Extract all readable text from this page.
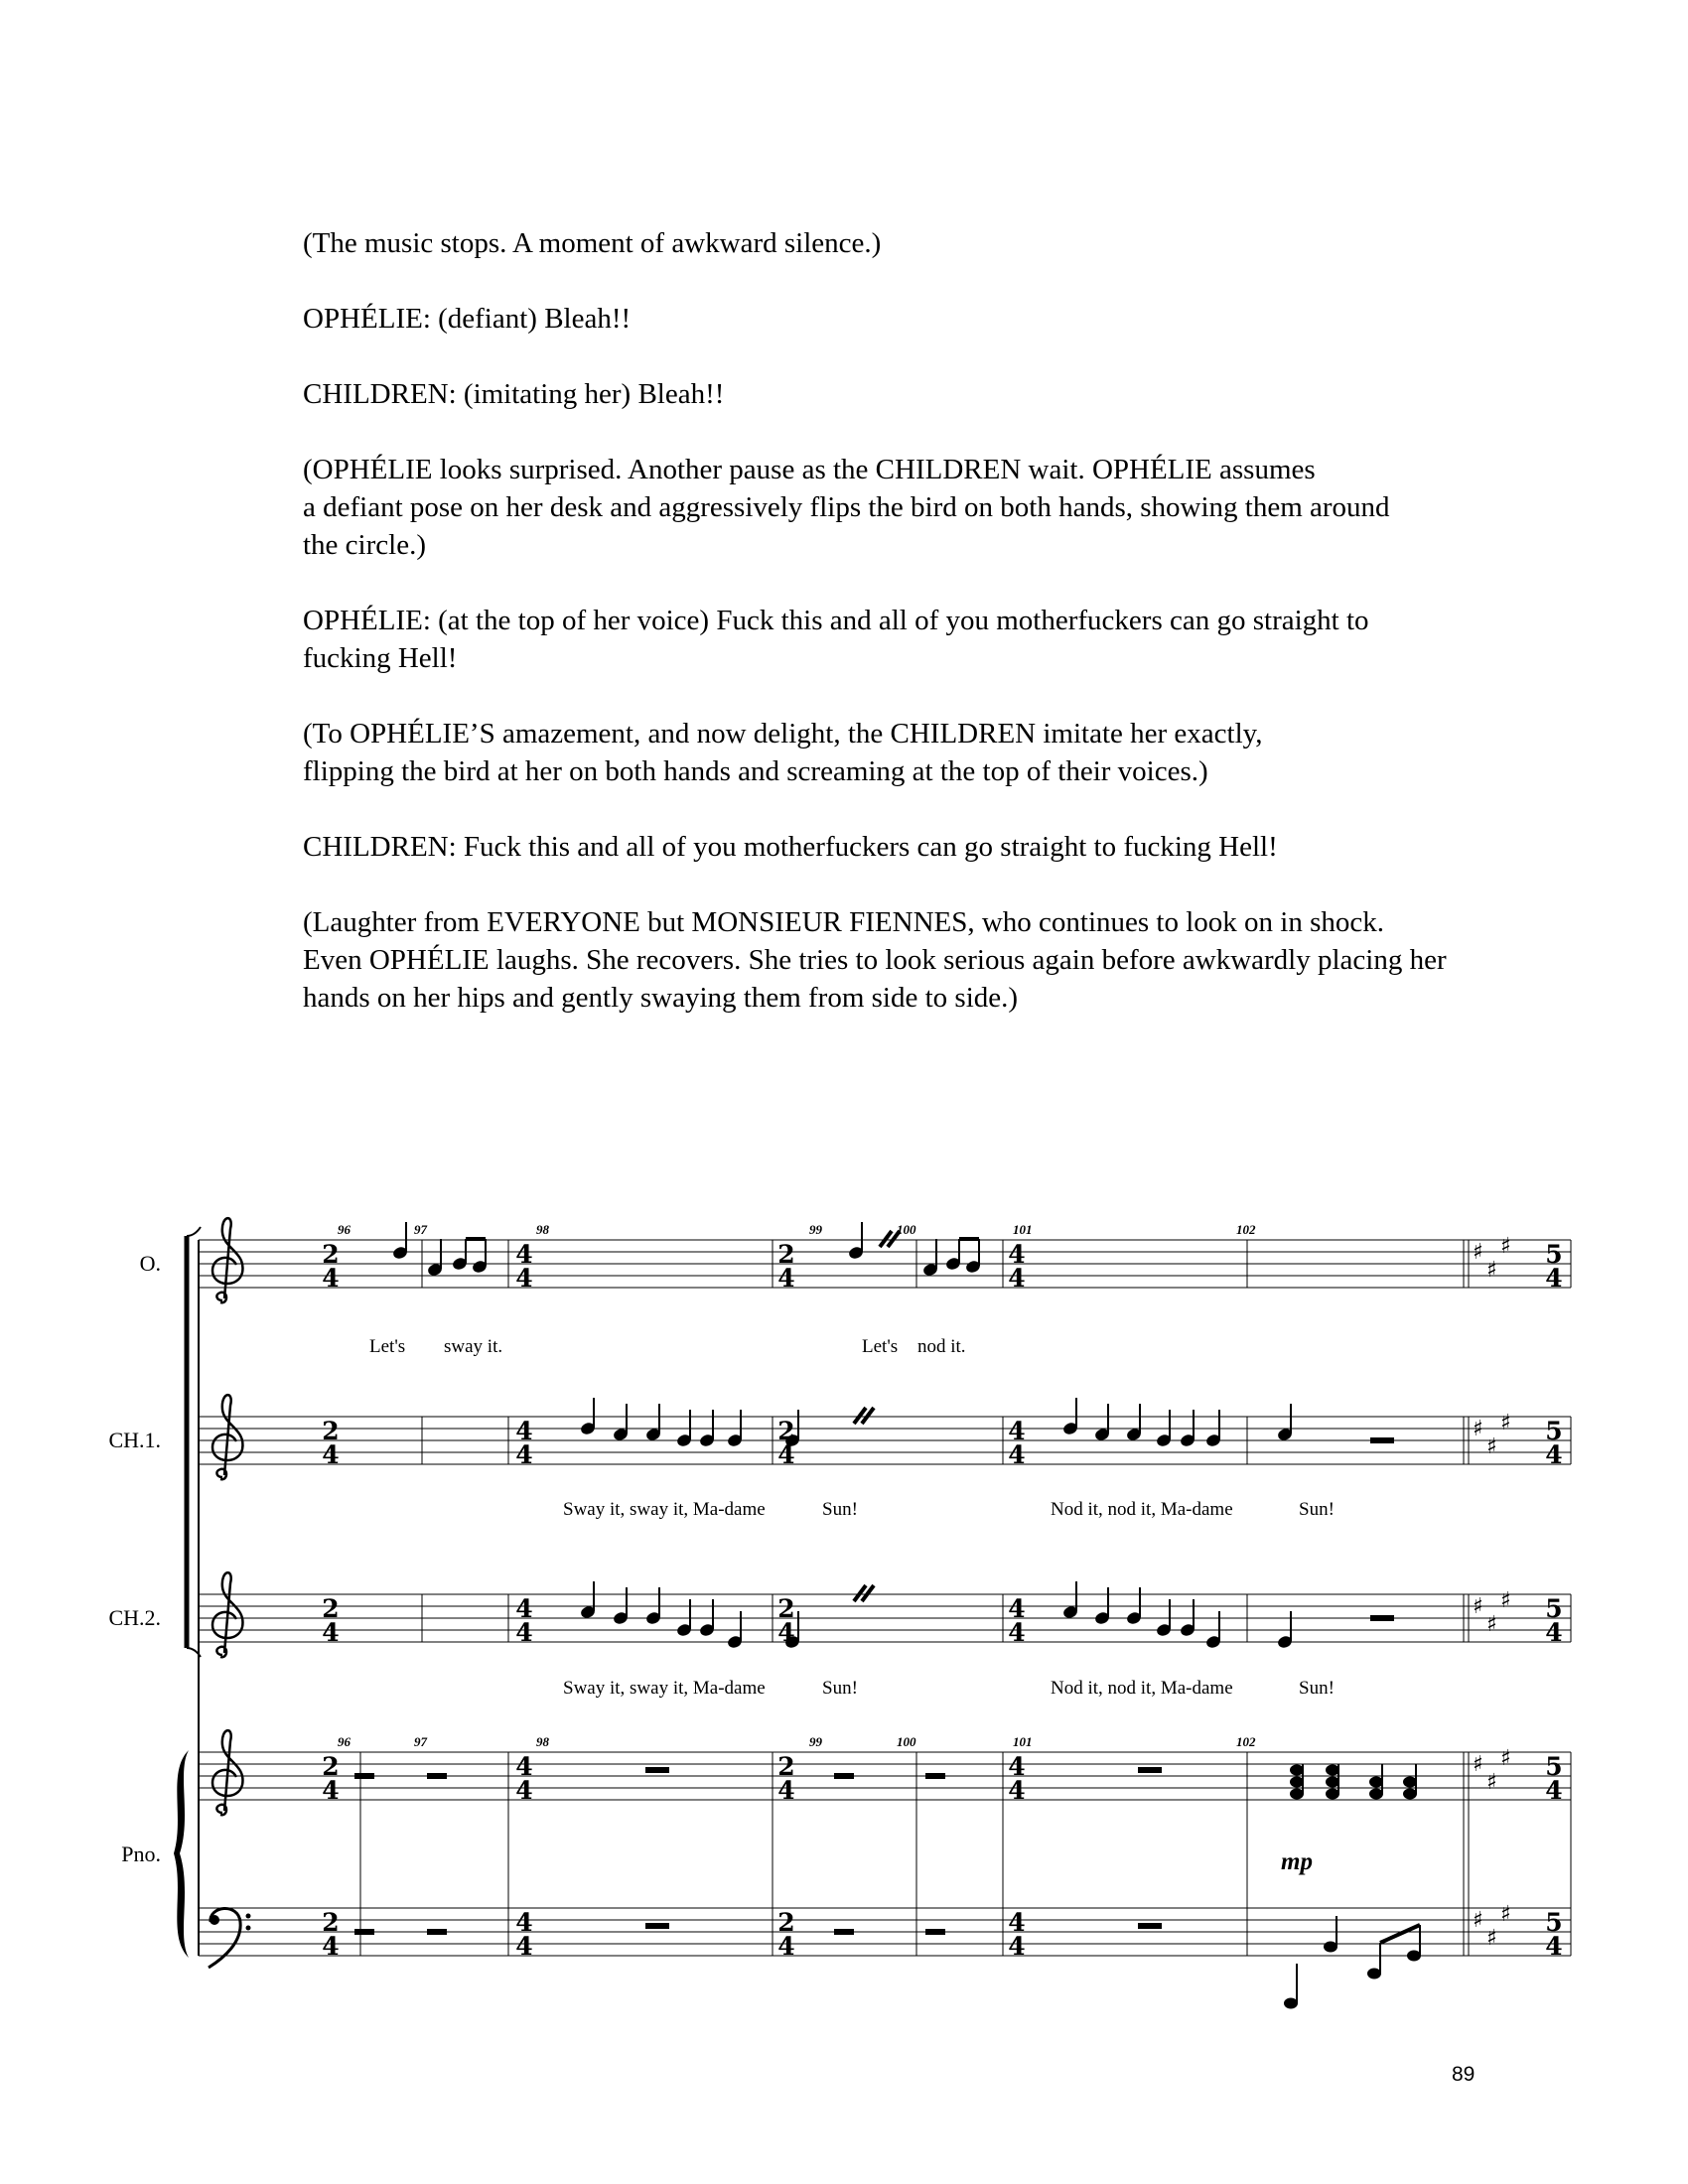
(The music stops. A moment of awkward silence.)

OPHÉLIE: (defiant) Bleah!!

CHILDREN: (imitating her) Bleah!!

(OPHÉLIE looks surprised. Another pause as the CHILDREN wait. OPHÉLIE assumes
a defiant pose on her desk and aggressively flips the bird on both hands, showing them around
the circle.)

OPHÉLIE: (at the top of her voice) Fuck this and all of you motherfuckers can go straight to
fucking Hell!

(To OPHÉLIE’S amazement, and now delight, the CHILDREN imitate her exactly,
flipping the bird at her on both hands and screaming at the top of their voices.)

CHILDREN: Fuck this and all of you motherfuckers can go straight to fucking Hell!

(Laughter from EVERYONE but MONSIEUR FIENNES, who continues to look on in shock.
Even OPHÉLIE laughs. She recovers. She tries to look serious again before awkwardly placing her
hands on her hips and gently swaying them from side to side.)

♯
♯
♯
♯
♯
♯
♯
♯
♯
♯
♯
♯
♯
♯
♯
O.
CH.1.
CH.2.
Pno.
96	97	98	99	100	101	102
96	97	98	99	100	101	102
2
4
2
4
2
4
2
4
2
4
4
4
4
4
4
4
4
4
4
4
2
4
2
4
2
4
2
4
2
4
4
4
4
4
4
4
4
4
4
4
5
4
5
4
5
4
5
4
5
4
Let's sway it.	Let's nod it.
Sway it, sway it, Ma-dame	Sun!	Nod it, nod it, Ma-dame	Sun!
Sway it, sway it, Ma-dame	Sun!	Nod it, nod it, Ma-dame	Sun!
mp
89
